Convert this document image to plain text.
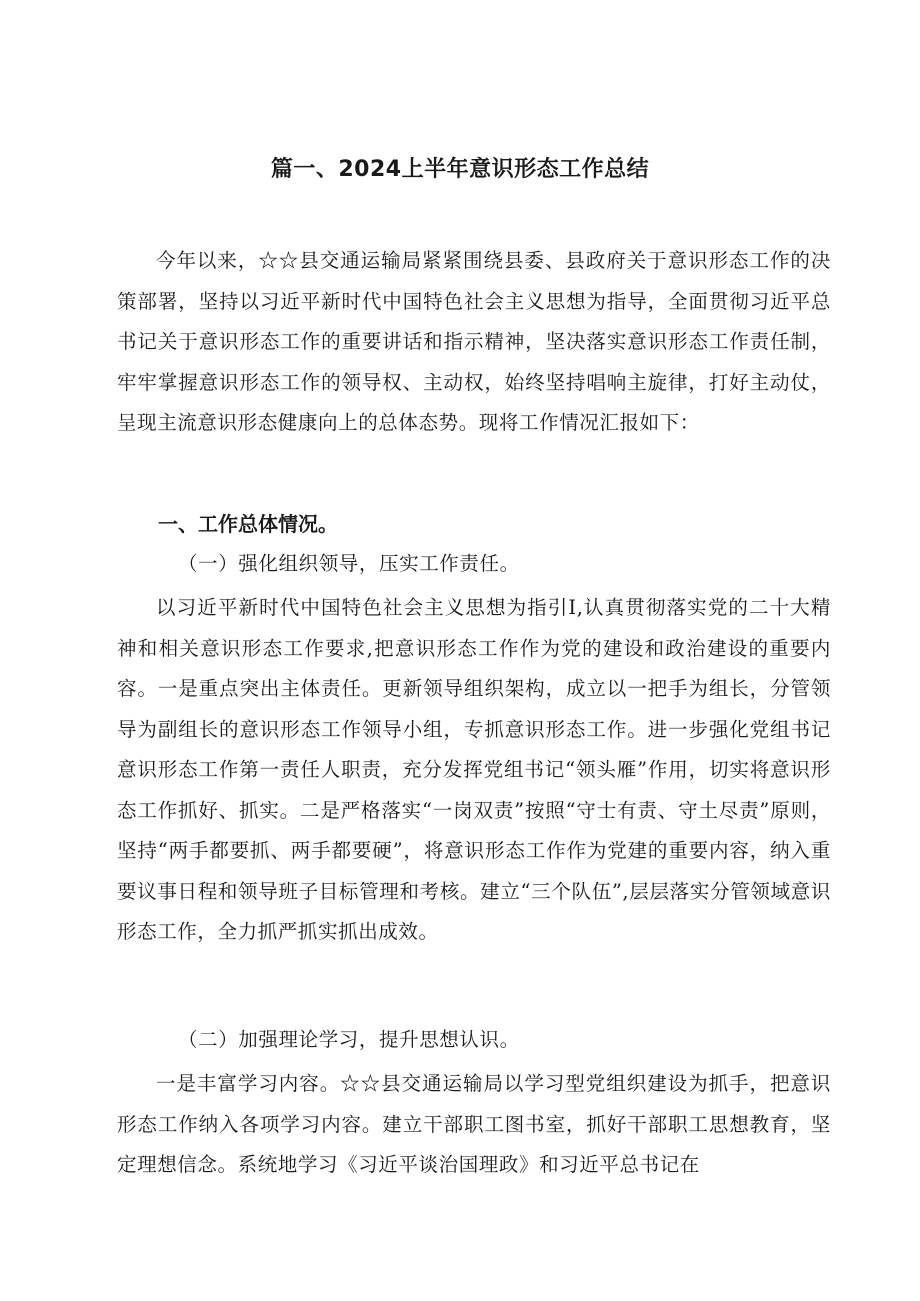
篇一、2024上半年意识形态工作总结

今年以来，☆☆县交通运输局紧紧围绕县委、县政府关于意识形态工作的决策部署，坚持以习近平新时代中国特色社会主义思想为指导，全面贯彻习近平总书记关于意识形态工作的重要讲话和指示精神，坚决落实意识形态工作责任制，牢牢掌握意识形态工作的领导权、主动权，始终坚持唱响主旋律，打好主动仗，呈现主流意识形态健康向上的总体态势。现将工作情况汇报如下：

一、工作总体情况。
（一）强化组织领导，压实工作责任。

以习近平新时代中国特色社会主义思想为指引I,认真贯彻落实党的二十大精神和相关意识形态工作要求,把意识形态工作作为党的建设和政治建设的重要内容。一是重点突出主体责任。更新领导组织架构，成立以一把手为组长，分管领导为副组长的意识形态工作领导小组，专抓意识形态工作。进一步强化党组书记意识形态工作第一责任人职责，充分发挥党组书记“领头雁”作用，切实将意识形态工作抓好、抓实。二是严格落实“一岗双责”按照“守士有责、守土尽责”原则，坚持“两手都要抓、两手都要硬”，将意识形态工作作为党建的重要内容，纳入重要议事日程和领导班子目标管理和考核。建立“三个队伍”,层层落实分管领域意识形态工作，全力抓严抓实抓出成效。

（二）加强理论学习，提升思想认识。

一是丰富学习内容。☆☆县交通运输局以学习型党组织建设为抓手，把意识形态工作纳入各项学习内容。建立干部职工图书室，抓好干部职工思想教育，坚定理想信念。系统地学习《习近平谈治国理政》和习近平总书记在
